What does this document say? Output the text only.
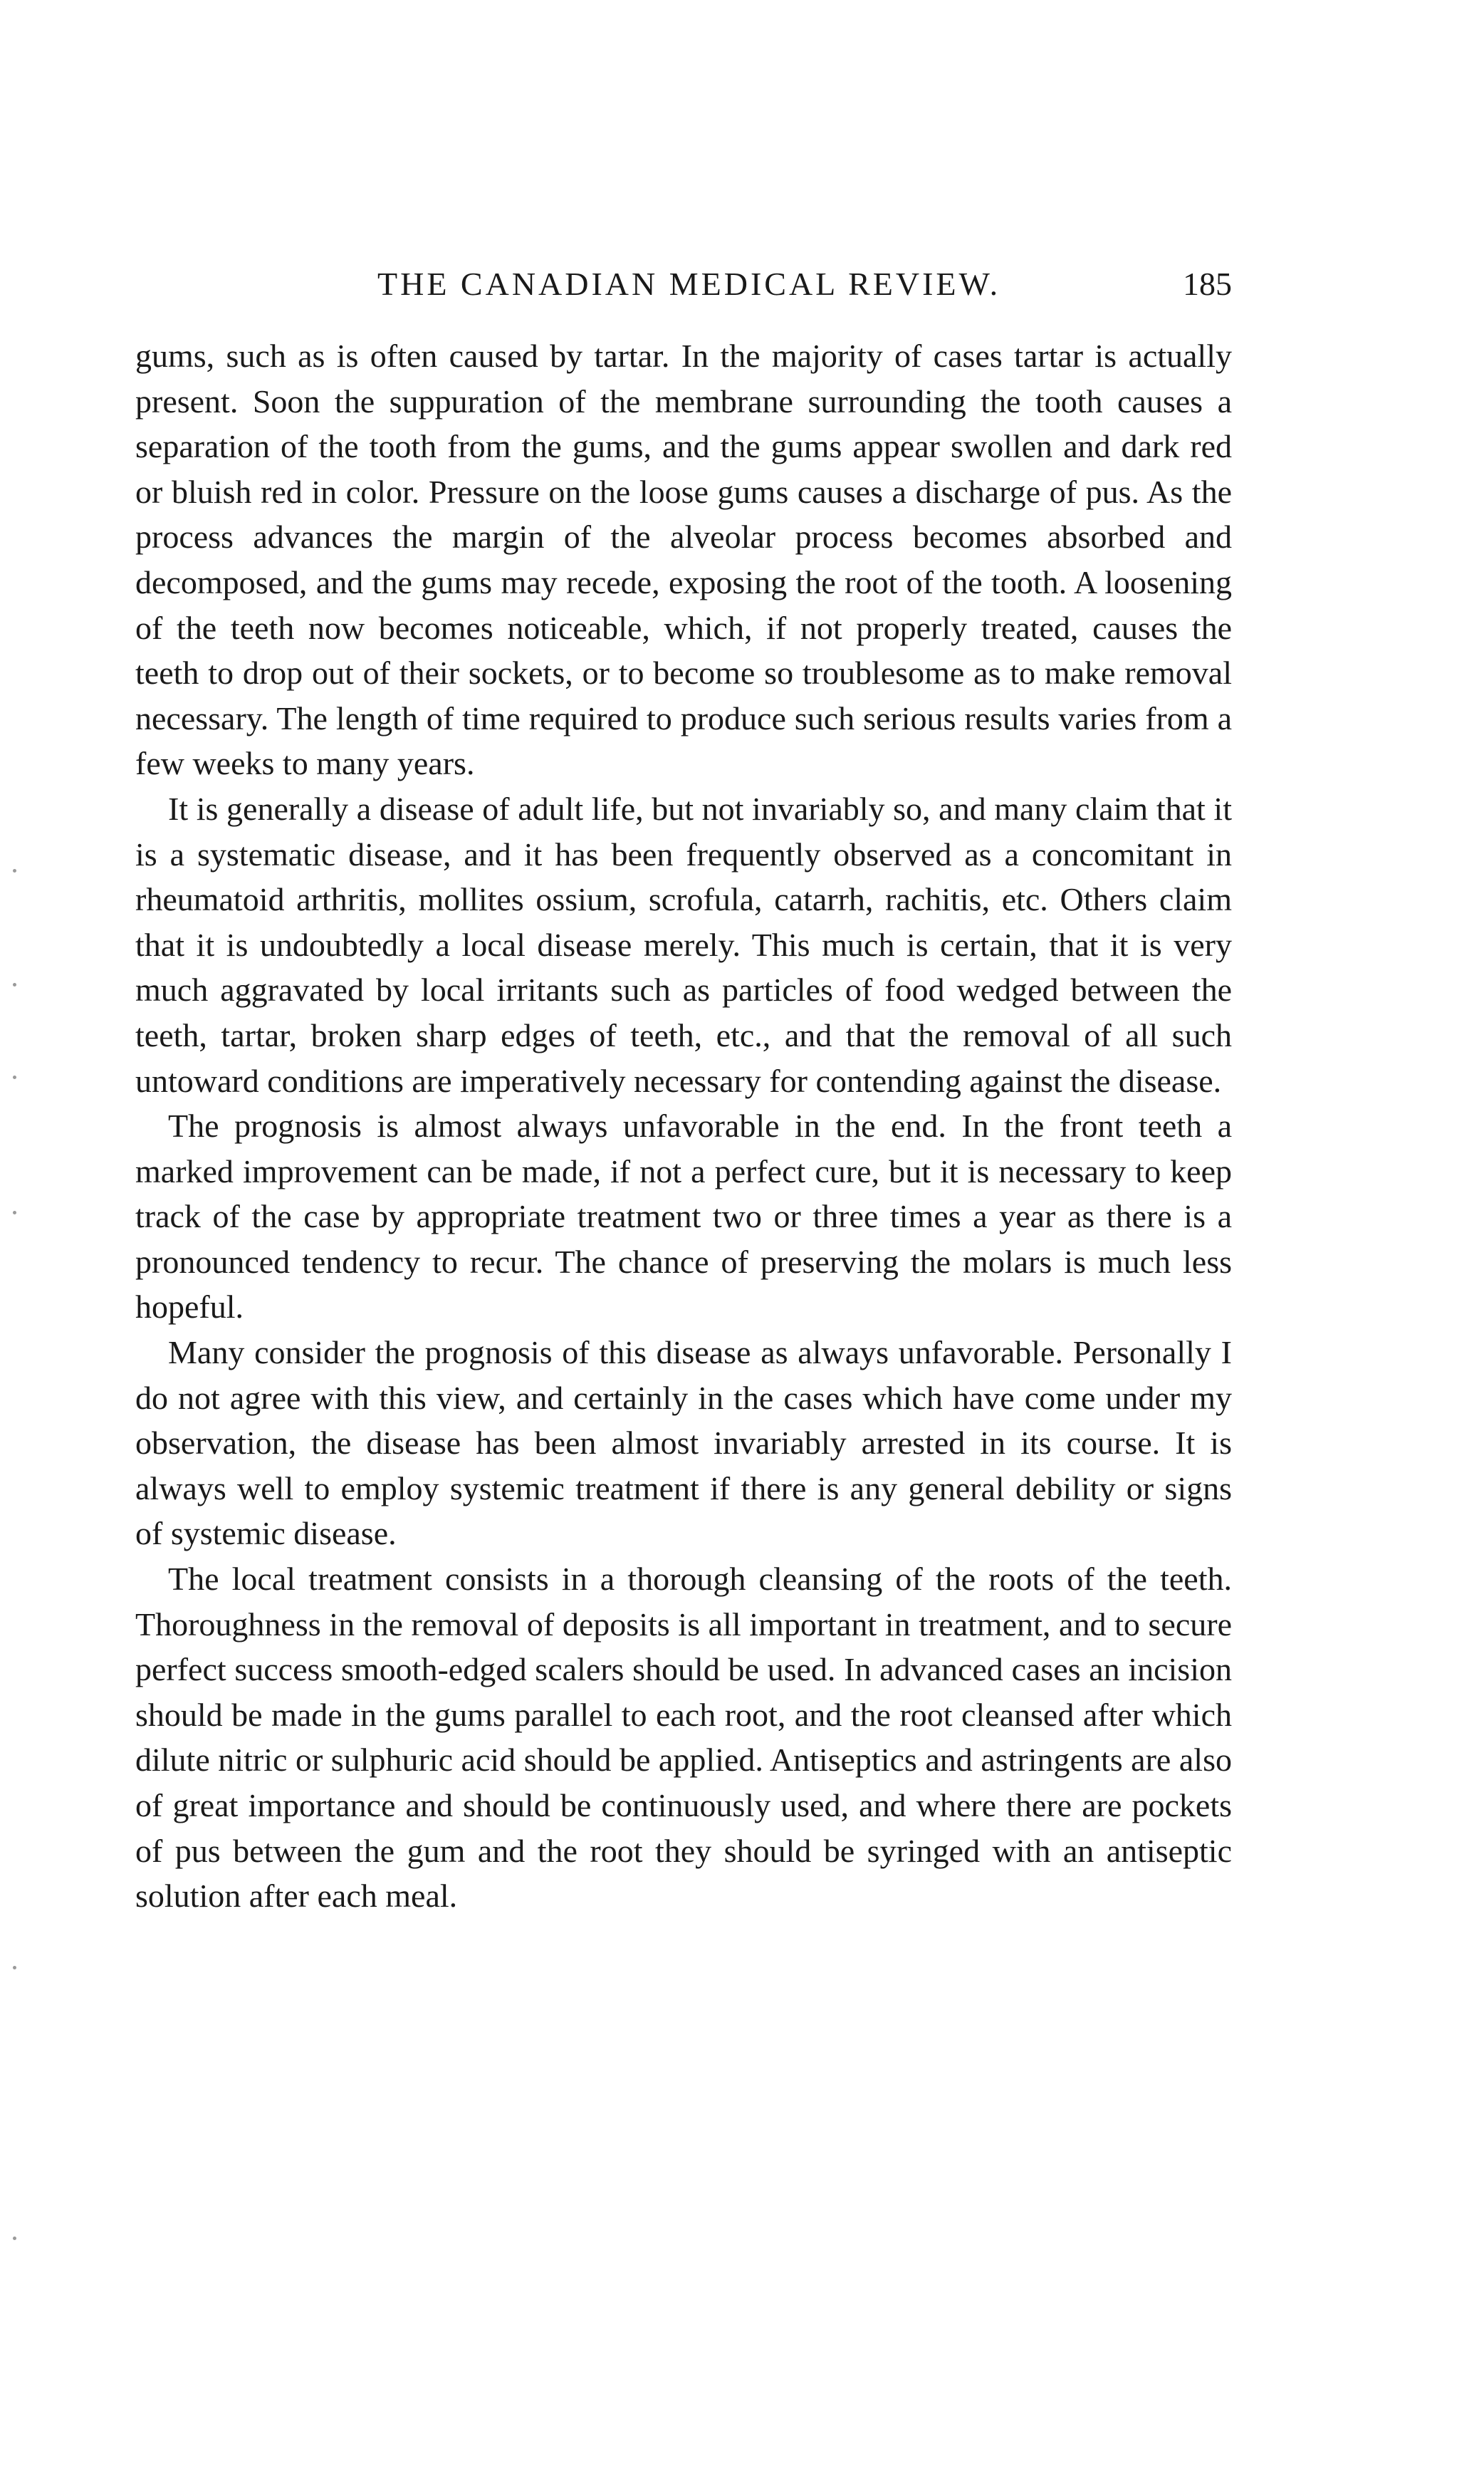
THE CANADIAN MEDICAL REVIEW.	185

gums, such as is often caused by tartar. In the majority of cases tartar is actually present. Soon the suppuration of the membrane surrounding the tooth causes a separation of the tooth from the gums, and the gums appear swollen and dark red or bluish red in color. Pressure on the loose gums causes a discharge of pus. As the process advances the margin of the alveolar process becomes absorbed and decomposed, and the gums may recede, exposing the root of the tooth. A loosening of the teeth now becomes noticeable, which, if not properly treated, causes the teeth to drop out of their sockets, or to become so troublesome as to make removal necessary. The length of time required to produce such serious results varies from a few weeks to many years.

It is generally a disease of adult life, but not invariably so, and many claim that it is a systematic disease, and it has been frequently observed as a concomitant in rheumatoid arthritis, mollites ossium, scrofula, catarrh, rachitis, etc. Others claim that it is undoubtedly a local disease merely. This much is certain, that it is very much aggravated by local irritants such as particles of food wedged between the teeth, tartar, broken sharp edges of teeth, etc., and that the removal of all such untoward conditions are imperatively necessary for contending against the disease.

The prognosis is almost always unfavorable in the end. In the front teeth a marked improvement can be made, if not a perfect cure, but it is necessary to keep track of the case by appropriate treatment two or three times a year as there is a pronounced tendency to recur. The chance of preserving the molars is much less hopeful.

Many consider the prognosis of this disease as always unfavorable. Personally I do not agree with this view, and certainly in the cases which have come under my observation, the disease has been almost invariably arrested in its course. It is always well to employ systemic treatment if there is any general debility or signs of systemic disease.

The local treatment consists in a thorough cleansing of the roots of the teeth. Thoroughness in the removal of deposits is all important in treatment, and to secure perfect success smooth-edged scalers should be used. In advanced cases an incision should be made in the gums parallel to each root, and the root cleansed after which dilute nitric or sulphuric acid should be applied. Antiseptics and astringents are also of great importance and should be continuously used, and where there are pockets of pus between the gum and the root they should be syringed with an antiseptic solution after each meal.
